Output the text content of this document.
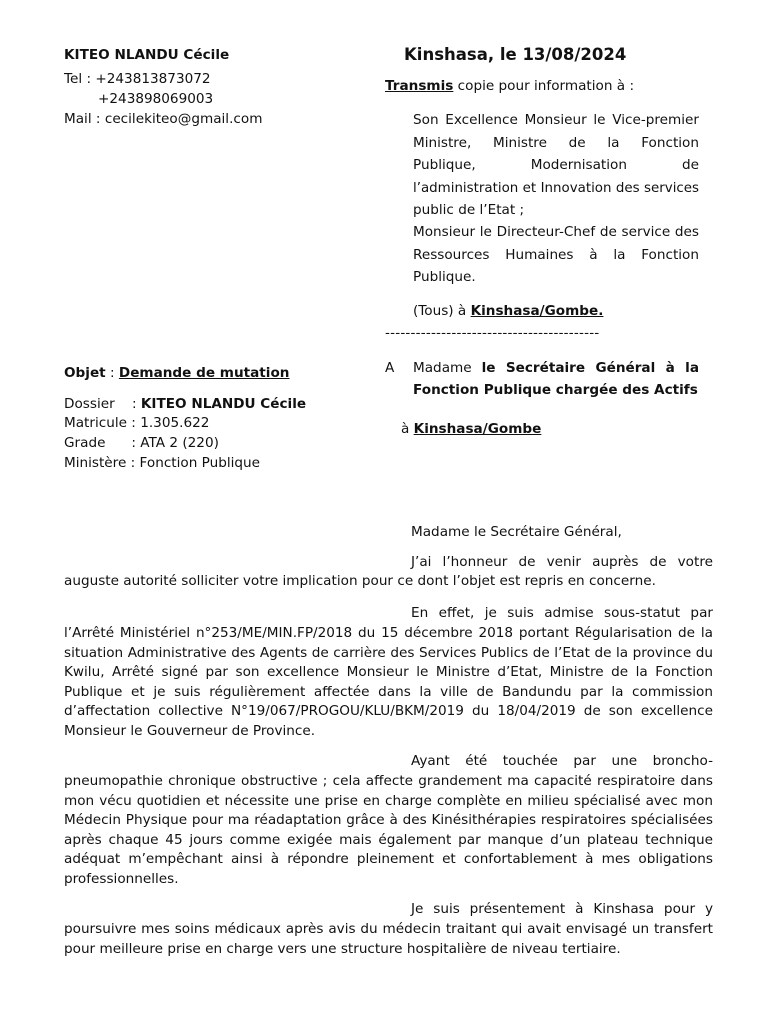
KITEO NLANDU Cécile
Tel : +243813873072
+243898069003
Mail : cecilekiteo@gmail.com
Kinshasa, le 13/08/2024
Transmis copie pour information à :
Son Excellence Monsieur le Vice-premier
Ministre, Ministre de la Fonction
Publique, Modernisation de
l’administration et Innovation des services
public de l’Etat ;
Monsieur le Directeur-Chef de service des
Ressources Humaines à la Fonction
Publique.
(Tous) à Kinshasa/Gombe.
------------------------------------------
Objet : Demande de mutation
Dossier    : KITEO NLANDU Cécile
Matricule : 1.305.622
Grade      : ATA 2 (220)
Ministère : Fonction Publique
A Madame le Secrétaire Général à la
Fonction Publique chargée des Actifs
à Kinshasa/Gombe
Madame le Secrétaire Général,
J’ai l’honneur de venir auprès de votre
auguste autorité solliciter votre implication pour ce dont l’objet est repris en concerne.
En effet, je suis admise sous-statut par
l’Arrêté Ministériel n°253/ME/MIN.FP/2018 du 15 décembre 2018 portant Régularisation de la
situation Administrative des Agents de carrière des Services Publics de l’Etat de la province du
Kwilu, Arrêté signé par son excellence Monsieur le Ministre d’Etat, Ministre de la Fonction
Publique et je suis régulièrement affectée dans la ville de Bandundu par la commission
d’affectation collective N°19/067/PROGOU/KLU/BKM/2019 du 18/04/2019 de son excellence
Monsieur le Gouverneur de Province.
Ayant été touchée par une broncho-
pneumopathie chronique obstructive ; cela affecte grandement ma capacité respiratoire dans
mon vécu quotidien et nécessite une prise en charge complète en milieu spécialisé avec mon
Médecin Physique pour ma réadaptation grâce à des Kinésithérapies respiratoires spécialisées
après chaque 45 jours comme exigée mais également par manque d’un plateau technique
adéquat m’empêchant ainsi à répondre pleinement et confortablement à mes obligations
professionnelles.
Je suis présentement à Kinshasa pour y
poursuivre mes soins médicaux après avis du médecin traitant qui avait envisagé un transfert
pour meilleure prise en charge vers une structure hospitalière de niveau tertiaire.
